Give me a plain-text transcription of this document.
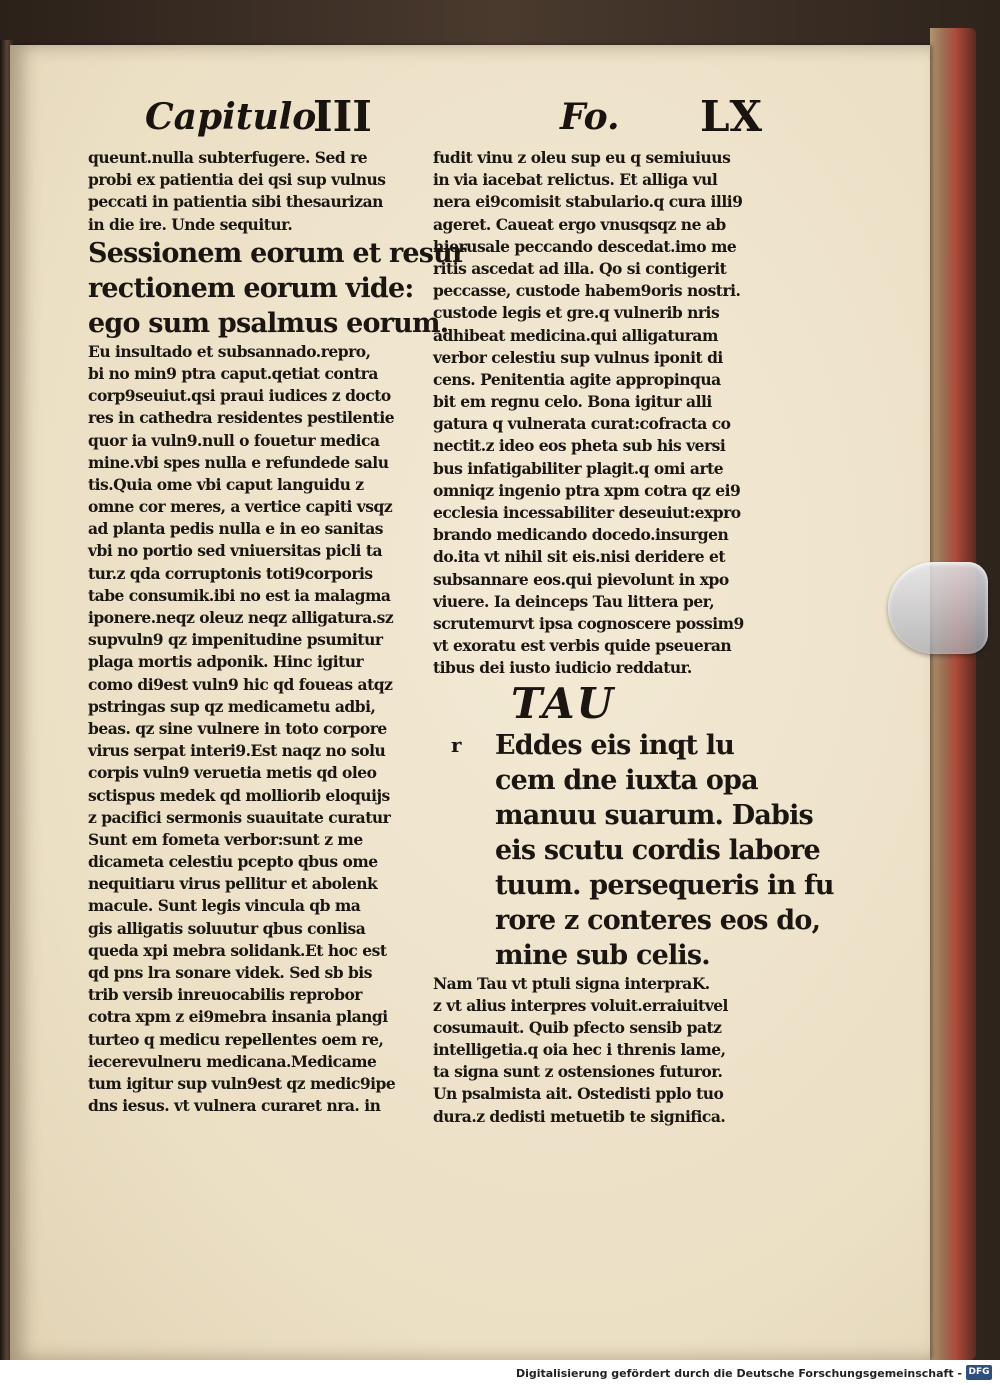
Capitulo
III	Fo. LX
queunt.nulla subterfugere. Sed re
probi ex patientia dei qsi sup vulnus
peccati in patientia sibi thesaurizan
in die ire. Unde sequitur.
Sessionem eorum et resur
rectionem eorum vide:
ego sum psalmus eorum.
Eu insultado et subsannado.repro,
bi no min9 ptra caput.qetiat contra
corp9seuiut.qsi praui iudices z docto
res in cathedra residentes pestilentie
quor ia vuln9.null o fouetur medica
mine.vbi spes nulla e refundede salu
tis.Quia ome vbi caput languidu z
omne cor meres, a vertice capiti vsqz
ad planta pedis nulla e in eo sanitas
vbi no portio sed vniuersitas picli ta
tur.z qda corruptonis toti9corporis
tabe consumik.ibi no est ia malagma
iponere.neqz oleuz neqz alligatura.sz
supvuln9 qz impenitudine psumitur
plaga mortis adponik. Hinc igitur
como di9est vuln9 hic qd foueas atqz
pstringas sup qz medicametu adbi,
beas. qz sine vulnere in toto corpore
virus serpat interi9.Est naqz no solu
corpis vuln9 veruetia metis qd oleo
sctispus medek qd molliorib eloquijs
z pacifici sermonis suauitate curatur
Sunt em fometa verbor:sunt z me
dicameta celestiu pcepto qbus ome
nequitiaru virus pellitur et abolenk
macule. Sunt legis vincula qb ma
gis alligatis soluutur qbus conlisa
queda xpi mebra solidank.Et hoc est
qd pns lra sonare videk. Sed sb bis
trib versib inreuocabilis reprobor
cotra xpm z ei9mebra insania plangi
turteo q medicu repellentes oem re,
iecerevulneru medicana.Medicame
tum igitur sup vuln9est qz medic9ipe
dns iesus. vt vulnera curaret nra. in
fudit vinu z oleu sup eu q semiuiuus
in via iacebat relictus. Et alliga vul
nera ei9comisit stabulario.q cura illi9
ageret. Caueat ergo vnusqsqz ne ab
hierusale peccando descedat.imo me
ritis ascedat ad illa. Qo si contigerit
peccasse, custode habem9oris nostri.
custode legis et gre.q vulnerib nris
adhibeat medicina.qui alligaturam
verbor celestiu sup vulnus iponit di
cens. Penitentia agite appropinqua
bit em regnu celo. Bona igitur alli
gatura q vulnerata curat:cofracta co
nectit.z ideo eos pheta sub his versi
bus infatigabiliter plagit.q omi arte
omniqz ingenio ptra xpm cotra qz ei9
ecclesia incessabiliter deseuiut:expro
brando medicando docedo.insurgen
do.ita vt nihil sit eis.nisi deridere et
subsannare eos.qui pievolunt in xpo
viuere. Ia deinceps Tau littera per,
scrutemurvt ipsa cognoscere possim9
vt exoratu est verbis quide pseueran
tibus dei iusto iudicio reddatur.
TAU
r Eddes eis inqt lu
cem dne iuxta opa
manuu suarum. Dabis
eis scutu cordis labore
tuum. persequeris in fu
rore z conteres eos do,
mine sub celis.
Nam Tau vt ptuli signa interpraK.
z vt alius interpres voluit.erraiuitvel
cosumauit. Quib pfecto sensib patz
intelligetia.q oia hec i threnis lame,
ta signa sunt z ostensiones futuror.
Un psalmista ait. Ostedisti pplo tuo
dura.z dedisti metuetib te significa.
Digitalisierung gefördert durch die Deutsche Forschungsgemeinschaft - DFG
